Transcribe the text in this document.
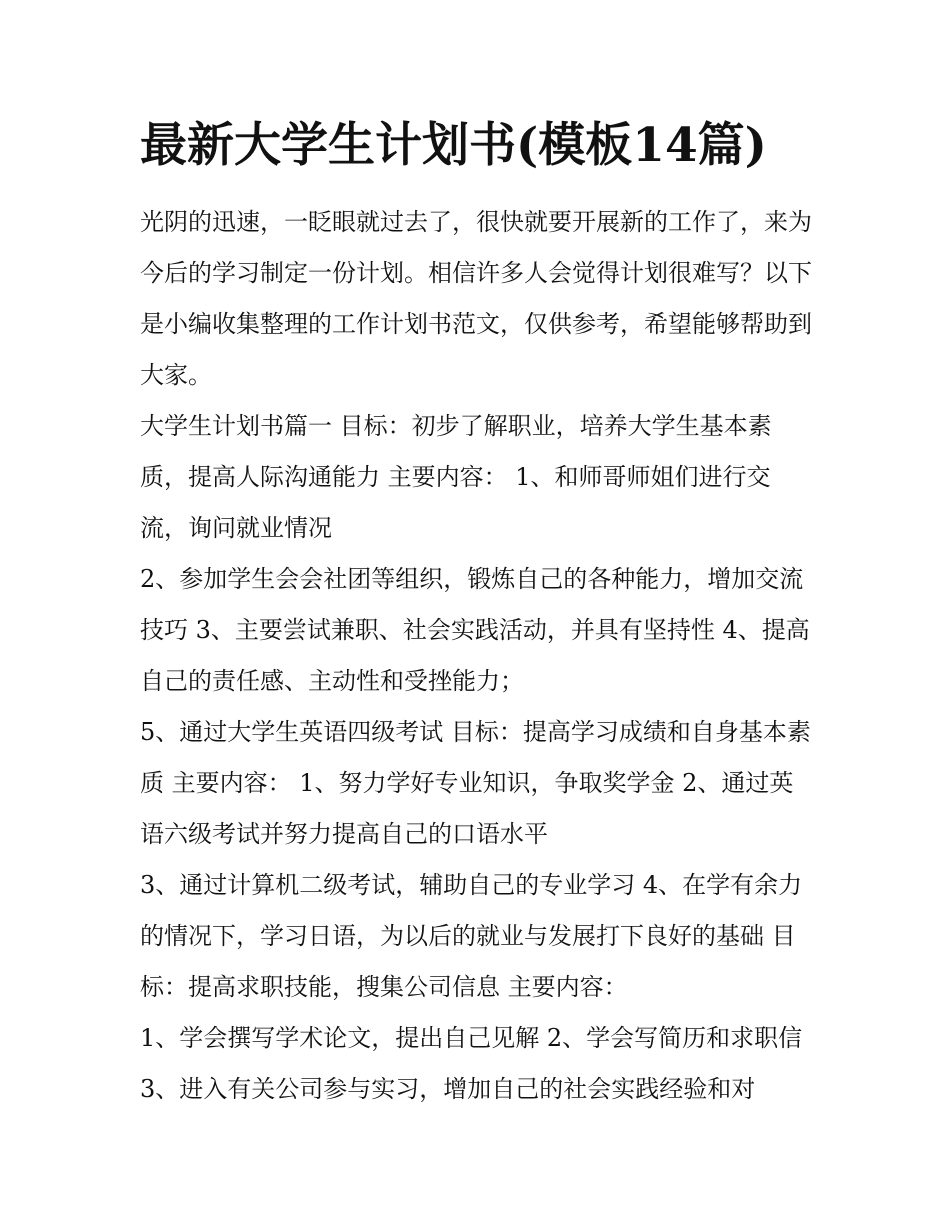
最新大学生计划书(模板14篇)

光阴的迅速，一眨眼就过去了，很快就要开展新的工作了，来为今后的学习制定一份计划。相信许多人会觉得计划很难写？以下是小编收集整理的工作计划书范文，仅供参考，希望能够帮助到大家。

大学生计划书篇一 目标：初步了解职业，培养大学生基本素质，提高人际沟通能力 主要内容： 1、和师哥师姐们进行交流，询问就业情况

2、参加学生会会社团等组织，锻炼自己的各种能力，增加交流技巧 3、主要尝试兼职、社会实践活动，并具有坚持性 4、提高自己的责任感、主动性和受挫能力；

5、通过大学生英语四级考试 目标：提高学习成绩和自身基本素质 主要内容： 1、努力学好专业知识，争取奖学金 2、通过英语六级考试并努力提高自己的口语水平

3、通过计算机二级考试，辅助自己的专业学习 4、在学有余力的情况下，学习日语，为以后的就业与发展打下良好的基础 目标：提高求职技能，搜集公司信息 主要内容：

1、学会撰写学术论文，提出自己见解 2、学会写简历和求职信 3、进入有关公司参与实习，增加自己的社会实践经验和对
